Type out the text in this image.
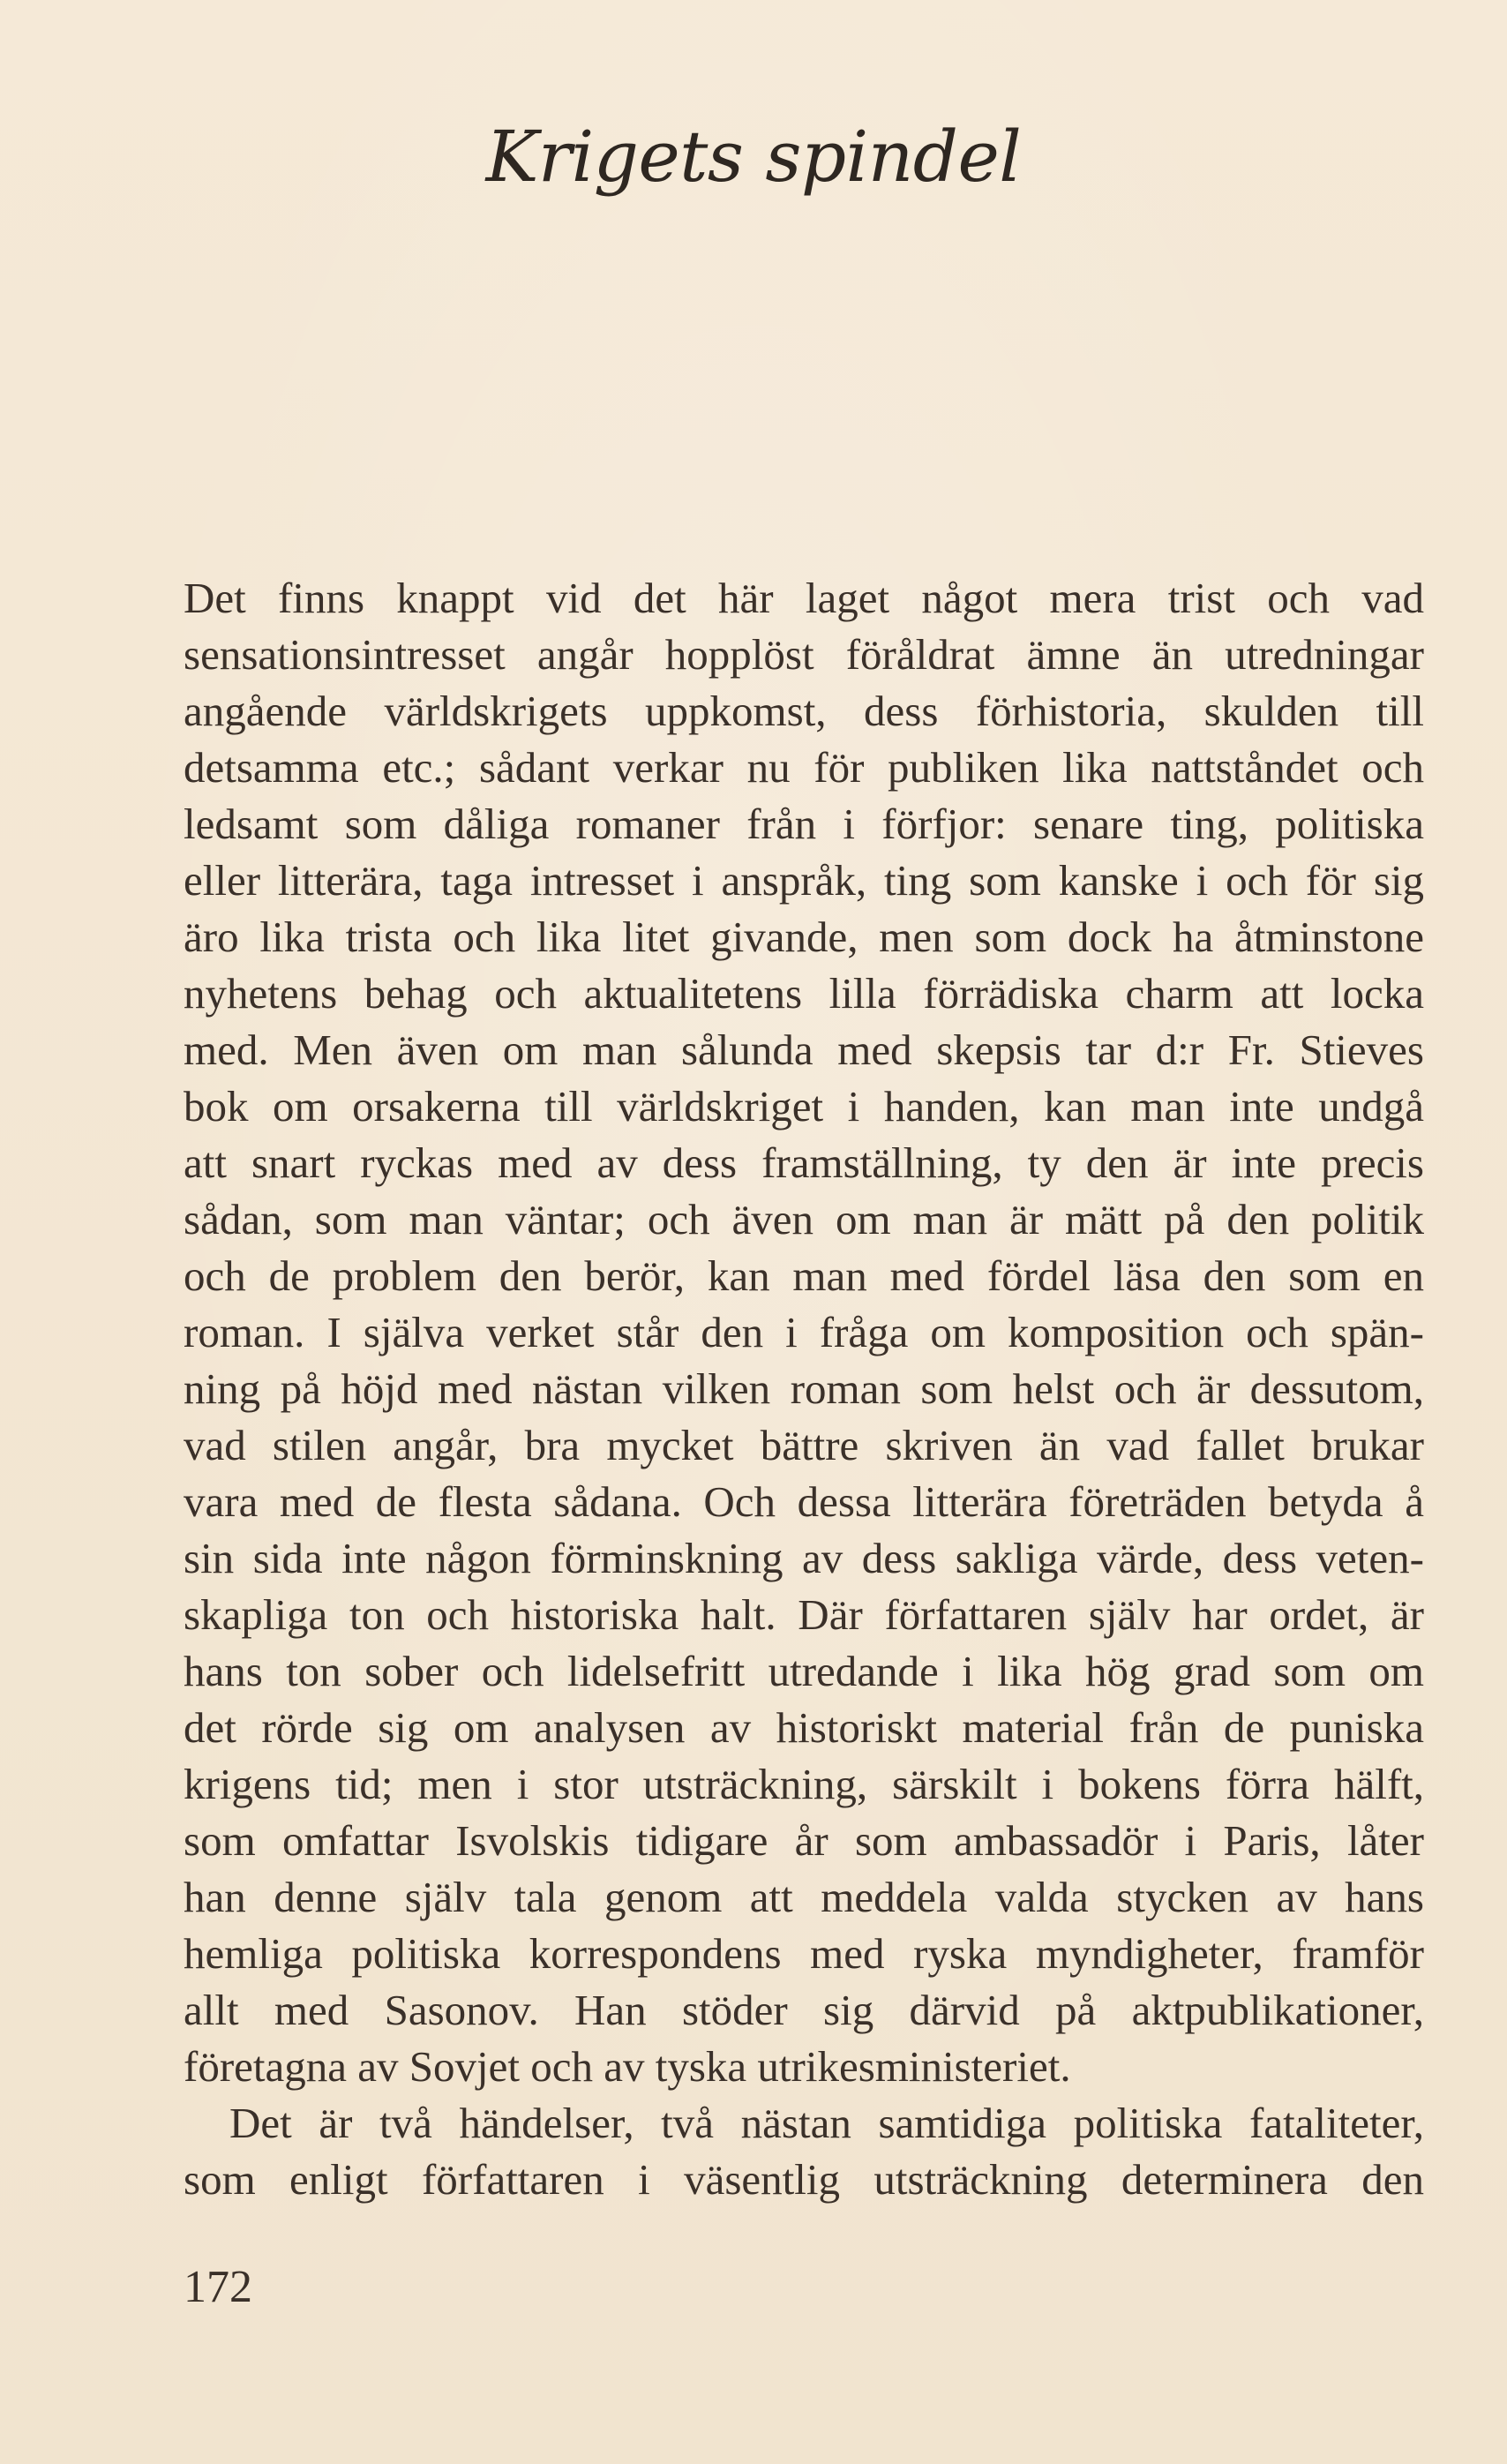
Krigets spindel
Det finns knappt vid det här laget något mera trist och vad
sensationsintresset angår hopplöst föråldrat ämne än utredningar
angående världskrigets uppkomst, dess förhistoria, skulden till
detsamma etc.; sådant verkar nu för publiken lika nattståndet och
ledsamt som dåliga romaner från i förfjor: senare ting, politiska
eller litterära, taga intresset i anspråk, ting som kanske i och för sig
äro lika trista och lika litet givande, men som dock ha åtminstone
nyhetens behag och aktualitetens lilla förrädiska charm att locka
med. Men även om man sålunda med skepsis tar d:r Fr. Stieves
bok om orsakerna till världskriget i handen, kan man inte undgå
att snart ryckas med av dess framställning, ty den är inte precis
sådan, som man väntar; och även om man är mätt på den politik
och de problem den berör, kan man med fördel läsa den som en
roman. I själva verket står den i fråga om komposition och spän-
ning på höjd med nästan vilken roman som helst och är dessutom,
vad stilen angår, bra mycket bättre skriven än vad fallet brukar
vara med de flesta sådana. Och dessa litterära företräden betyda å
sin sida inte någon förminskning av dess sakliga värde, dess veten-
skapliga ton och historiska halt. Där författaren själv har ordet, är
hans ton sober och lidelsefritt utredande i lika hög grad som om
det rörde sig om analysen av historiskt material från de puniska
krigens tid; men i stor utsträckning, särskilt i bokens förra hälft,
som omfattar Isvolskis tidigare år som ambassadör i Paris, låter
han denne själv tala genom att meddela valda stycken av hans
hemliga politiska korrespondens med ryska myndigheter, framför
allt med Sasonov. Han stöder sig därvid på aktpublikationer,
företagna av Sovjet och av tyska utrikesministeriet.
Det är två händelser, två nästan samtidiga politiska fataliteter,
som enligt författaren i väsentlig utsträckning determinera den
172
